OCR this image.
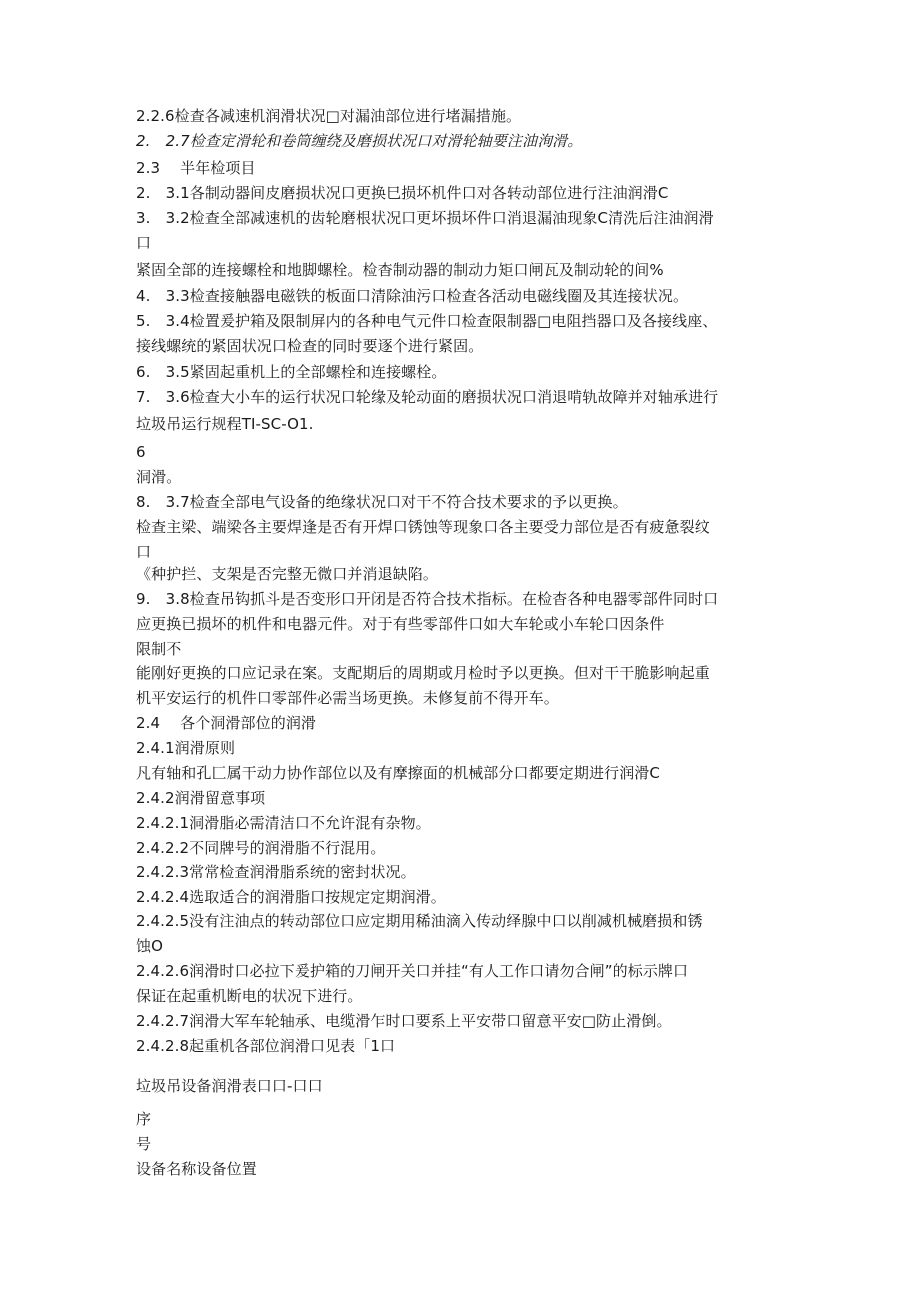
2.2.6检查各减速机润滑状况□对漏油部位进行堵漏措施。
2.　2.7检查定滑轮和卷筒缠绕及磨损状况口对滑轮轴要注油洵滑。
2.3　 半年检项目
2.　3.1各制动器间皮磨损状况口更换巳损坏机件口对各转动部位进行注油润滑C
3.　3.2检查全部减速机的齿轮磨根状况口更坏损坏件口消退漏油现象C清洗后注油润滑
口
紧固全部的连接螺栓和地脚螺栓。检杳制动器的制动力矩口闸瓦及制动轮的间%
4.　3.3检查接触器电磁铁的板面口清除油污口检查各活动电磁线圈及其连接状况。
5.　3.4检置爰护箱及限制屏内的各种电气元件口检查限制器□电阻挡器口及各接线座、
接线螺统的紧固状况口检查的同时要逐个进行紧固。
6.　3.5紧固起重机上的全部螺栓和连接螺栓。
7.　3.6检查大小车的运行状况口轮缘及轮动面的磨损状况口消退啃轨故障并对轴承进行
垃圾吊运行规程TI-SC-O1.
6
洞滑。
8.　3.7检查全部电气设备的绝缘状况口对干不符合技术要求的予以更换。
检查主梁、端梁各主要焊逢是否有开焊口锈蚀等现象口各主要受力部位是否有疲惫裂纹
口
《种护拦、支架是否完整无微口并消退缺陷。
9.　3.8检查吊钩抓斗是否变形口开闭是否符合技术指标。在检杳各种电器零部件同时口
应更换已损坏的机件和电器元件。对于有些零部件口如大车轮或小车轮口因条件
限制不
能刚好更换的口应记录在案。支配期后的周期或月检时予以更换。但对干干脆影响起重
机平安运行的机件口零部件必需当场更换。未修复前不得开车。
2.4　 各个洞滑部位的润滑
2.4.1润滑原则
凡有轴和孔匚属干动力协作部位以及有摩擦面的机械部分口都要定期进行润滑C
2.4.2润滑留意事项
2.4.2.1洞滑脂必需清洁口不允许混有杂物。
2.4.2.2不同牌号的润滑脂不行混用。
2.4.2.3常常检查润滑脂系统的密封状况。
2.4.2.4选取适合的润滑脂口按规定定期润滑。
2.4.2.5没有注油点的转动部位口应定期用稀油滴入传动绎腺中口以削减机械磨损和锈
蚀O
2.4.2.6润滑时口必拉下爰护箱的刀闸开关口并挂“有人工作口请勿合闸”的标示牌口
保证在起重机断电的状况下进行。
2.4.2.7润滑大军车轮轴承、电缆滑乍时口要系上平安带口留意平安□防止滑倒。
2.4.2.8起重机各部位润滑口见表「1口
垃圾吊设备润滑表口口-口口
序
号
设备名称设备位置
